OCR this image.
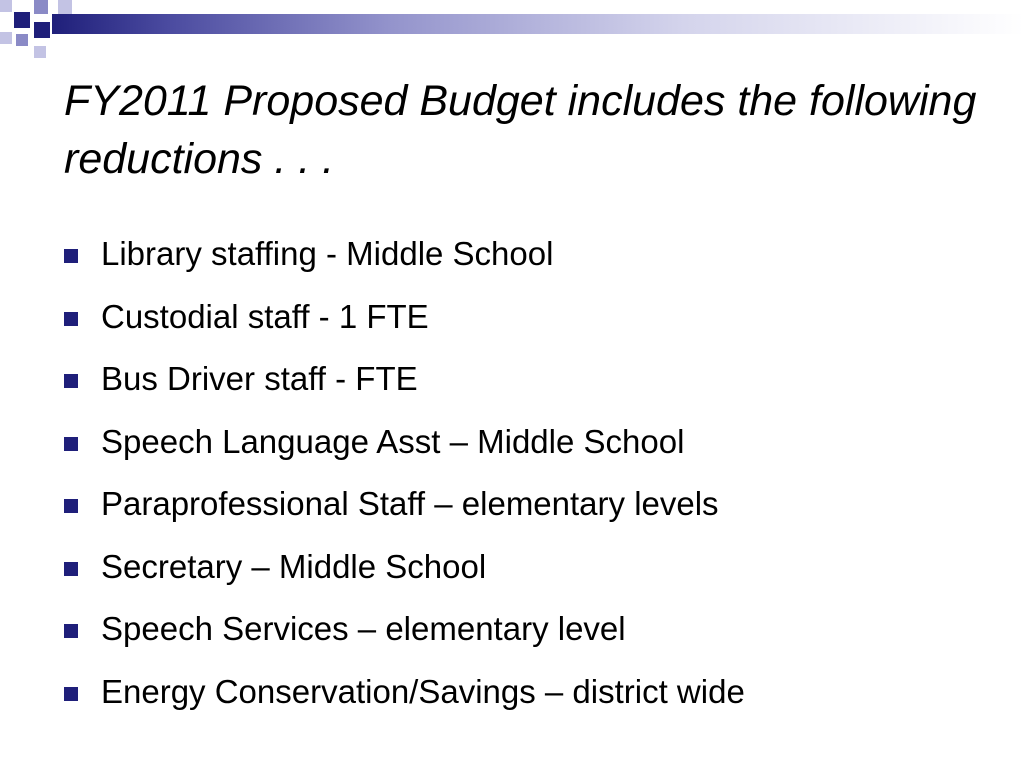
FY2011 Proposed Budget includes the following reductions . . .
Library staffing - Middle School
Custodial staff - 1 FTE
Bus Driver staff - FTE
Speech Language Asst – Middle School
Paraprofessional Staff – elementary levels
Secretary – Middle School
Speech Services – elementary level
Energy Conservation/Savings – district wide
